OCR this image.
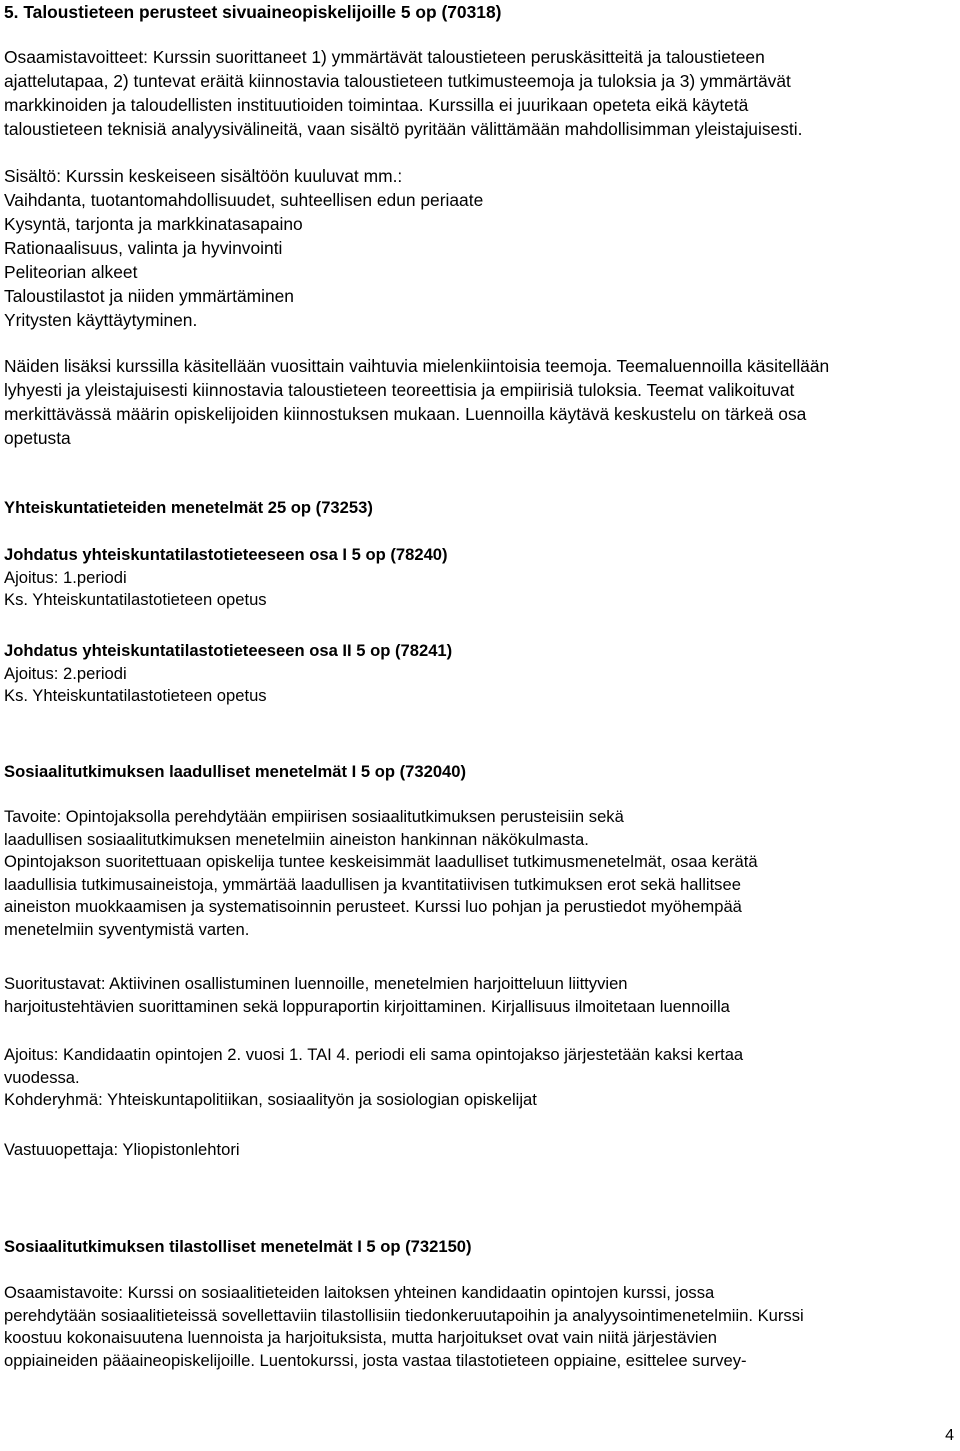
5. Taloustieteen perusteet sivuaineopiskelijoille 5 op (70318)
Osaamistavoitteet: Kurssin suorittaneet 1) ymmärtävät taloustieteen peruskäsitteitä ja taloustieteen
ajattelutapaa, 2) tuntevat eräitä kiinnostavia taloustieteen tutkimusteemoja ja tuloksia ja 3) ymmärtävät
markkinoiden ja taloudellisten instituutioiden toimintaa. Kurssilla ei juurikaan opeteta eikä käytetä
taloustieteen teknisiä analyysivälineitä, vaan sisältö pyritään välittämään mahdollisimman yleistajuisesti.
Sisältö: Kurssin keskeiseen sisältöön kuuluvat mm.:
Vaihdanta, tuotantomahdollisuudet, suhteellisen edun periaate
Kysyntä, tarjonta ja markkinatasapaino
Rationaalisuus, valinta ja hyvinvointi
Peliteorian alkeet
Taloustilastot ja niiden ymmärtäminen
Yritysten käyttäytyminen.
Näiden lisäksi kurssilla käsitellään vuosittain vaihtuvia mielenkiintoisia teemoja. Teemaluennoilla käsitellään
lyhyesti ja yleistajuisesti kiinnostavia taloustieteen teoreettisia ja empiirisiä tuloksia. Teemat valikoituvat
merkittävässä määrin opiskelijoiden kiinnostuksen mukaan. Luennoilla käytävä keskustelu on tärkeä osa
opetusta
Yhteiskuntatieteiden menetelmät 25 op (73253)
Johdatus yhteiskuntatilastotieteeseen osa I 5 op (78240)
Ajoitus: 1.periodi
Ks. Yhteiskuntatilastotieteen opetus
Johdatus yhteiskuntatilastotieteeseen osa II 5 op (78241)
Ajoitus: 2.periodi
Ks. Yhteiskuntatilastotieteen opetus
Sosiaalitutkimuksen laadulliset menetelmät I 5 op (732040)
Tavoite: Opintojaksolla perehdytään empiirisen sosiaalitutkimuksen perusteisiin sekä
laadullisen sosiaalitutkimuksen menetelmiin aineiston hankinnan näkökulmasta.
Opintojakson suoritettuaan opiskelija tuntee keskeisimmät laadulliset tutkimusmenetelmät, osaa kerätä
laadullisia tutkimusaineistoja, ymmärtää laadullisen ja kvantitatiivisen tutkimuksen erot sekä hallitsee
aineiston muokkaamisen ja systematisoinnin perusteet. Kurssi luo pohjan ja perustiedot myöhempää
menetelmiin syventymistä varten.
Suoritustavat: Aktiivinen osallistuminen luennoille, menetelmien harjoitteluun liittyvien
harjoitustehtävien suorittaminen sekä loppuraportin kirjoittaminen. Kirjallisuus ilmoitetaan luennoilla
Ajoitus: Kandidaatin opintojen 2. vuosi 1. TAI 4. periodi eli sama opintojakso järjestetään kaksi kertaa
vuodessa.
Kohderyhmä: Yhteiskuntapolitiikan, sosiaalityön ja sosiologian opiskelijat
Vastuuopettaja: Yliopistonlehtori
Sosiaalitutkimuksen tilastolliset menetelmät I 5 op (732150)
Osaamistavoite: Kurssi on sosiaalitieteiden laitoksen yhteinen kandidaatin opintojen kurssi, jossa
perehdytään sosiaalitieteissä sovellettaviin tilastollisiin tiedonkeruutapoihin ja analyysointimenetelmiin. Kurssi
koostuu kokonaisuutena luennoista ja harjoituksista, mutta harjoitukset ovat vain niitä järjestävien
oppiaineiden pääaineopiskelijoille. Luentokurssi, josta vastaa tilastotieteen oppiaine, esittelee survey-
4
